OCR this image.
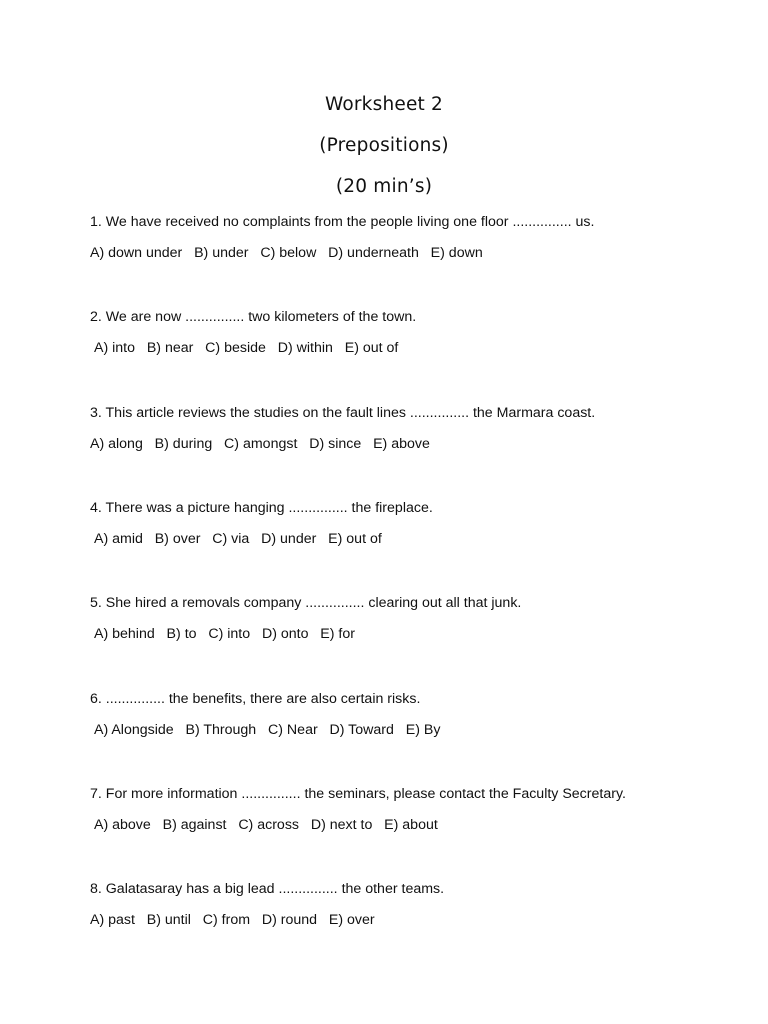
Worksheet 2
(Prepositions)
(20 min’s)

1. We have received no complaints from the people living one floor ............... us.

A) down under   B) under   C) below   D) underneath   E) down

2. We are now ............... two kilometers of the town.

A) into   B) near   C) beside   D) within   E) out of

3. This article reviews the studies on the fault lines ............... the Marmara coast.

A) along   B) during   C) amongst   D) since   E) above

4. There was a picture hanging ............... the fireplace.

A) amid   B) over   C) via   D) under   E) out of

5. She hired a removals company ............... clearing out all that junk.

A) behind   B) to   C) into   D) onto   E) for

6. ............... the benefits, there are also certain risks.

A) Alongside   B) Through   C) Near   D) Toward   E) By

7. For more information ............... the seminars, please contact the Faculty Secretary.

A) above   B) against   C) across   D) next to   E) about

8. Galatasaray has a big lead ............... the other teams.

A) past   B) until   C) from   D) round   E) over
